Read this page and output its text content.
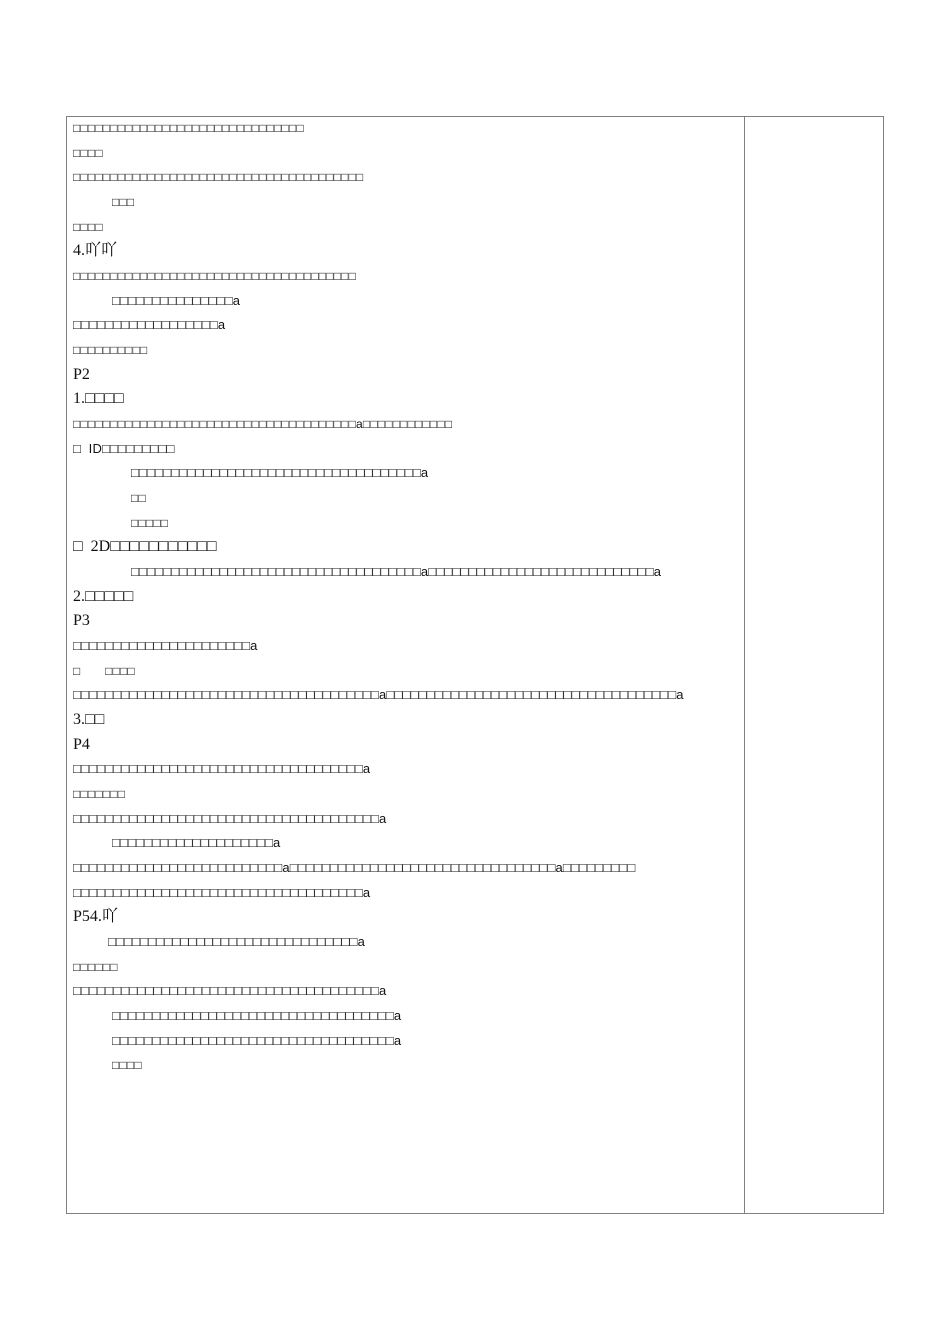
□□□□□□□□□□□□□□□□□□□□□□□□□□□□□□□
□□□□
□□□□□□□□□□□□□□□□□□□□□□□□□□□□□□□□□□□□□□□
□□□
□□□□
4.吖吖
□□□□□□□□□□□□□□□□□□□□□□□□□□□□□□□□□□□□□□
□□□□□□□□□□□□□□□a
□□□□□□□□□□□□□□□□□□a
□□□□□□□□□□
P2
1.□□□□
□□□□□□□□□□□□□□□□□□□□□□□□□□□□□□□□□□□□□□a□□□□□□□□□□□□
□  ID□□□□□□□□□
□□□□□□□□□□□□□□□□□□□□□□□□□□□□□□□□□□□□a
□□
□□□□□
□  2D□□□□□□□□□□□
□□□□□□□□□□□□□□□□□□□□□□□□□□□□□□□□□□□□a□□□□□□□□□□□□□□□□□□□□□□□□□□□□a
2.□□□□□
P3
□□□□□□□□□□□□□□□□□□□□□□a
□       □□□□
□□□□□□□□□□□□□□□□□□□□□□□□□□□□□□□□□□□□□□a□□□□□□□□□□□□□□□□□□□□□□□□□□□□□□□□□□□□a
3.□□
P4
□□□□□□□□□□□□□□□□□□□□□□□□□□□□□□□□□□□□a
□□□□□□□
□□□□□□□□□□□□□□□□□□□□□□□□□□□□□□□□□□□□□□a
□□□□□□□□□□□□□□□□□□□□a
□□□□□□□□□□□□□□□□□□□□□□□□□□a□□□□□□□□□□□□□□□□□□□□□□□□□□□□□□□□□a□□□□□□□□□
□□□□□□□□□□□□□□□□□□□□□□□□□□□□□□□□□□□□a
P54.吖
□□□□□□□□□□□□□□□□□□□□□□□□□□□□□□□a
□□□□□□
□□□□□□□□□□□□□□□□□□□□□□□□□□□□□□□□□□□□□□a
□□□□□□□□□□□□□□□□□□□□□□□□□□□□□□□□□□□a
□□□□□□□□□□□□□□□□□□□□□□□□□□□□□□□□□□□a
□□□□
